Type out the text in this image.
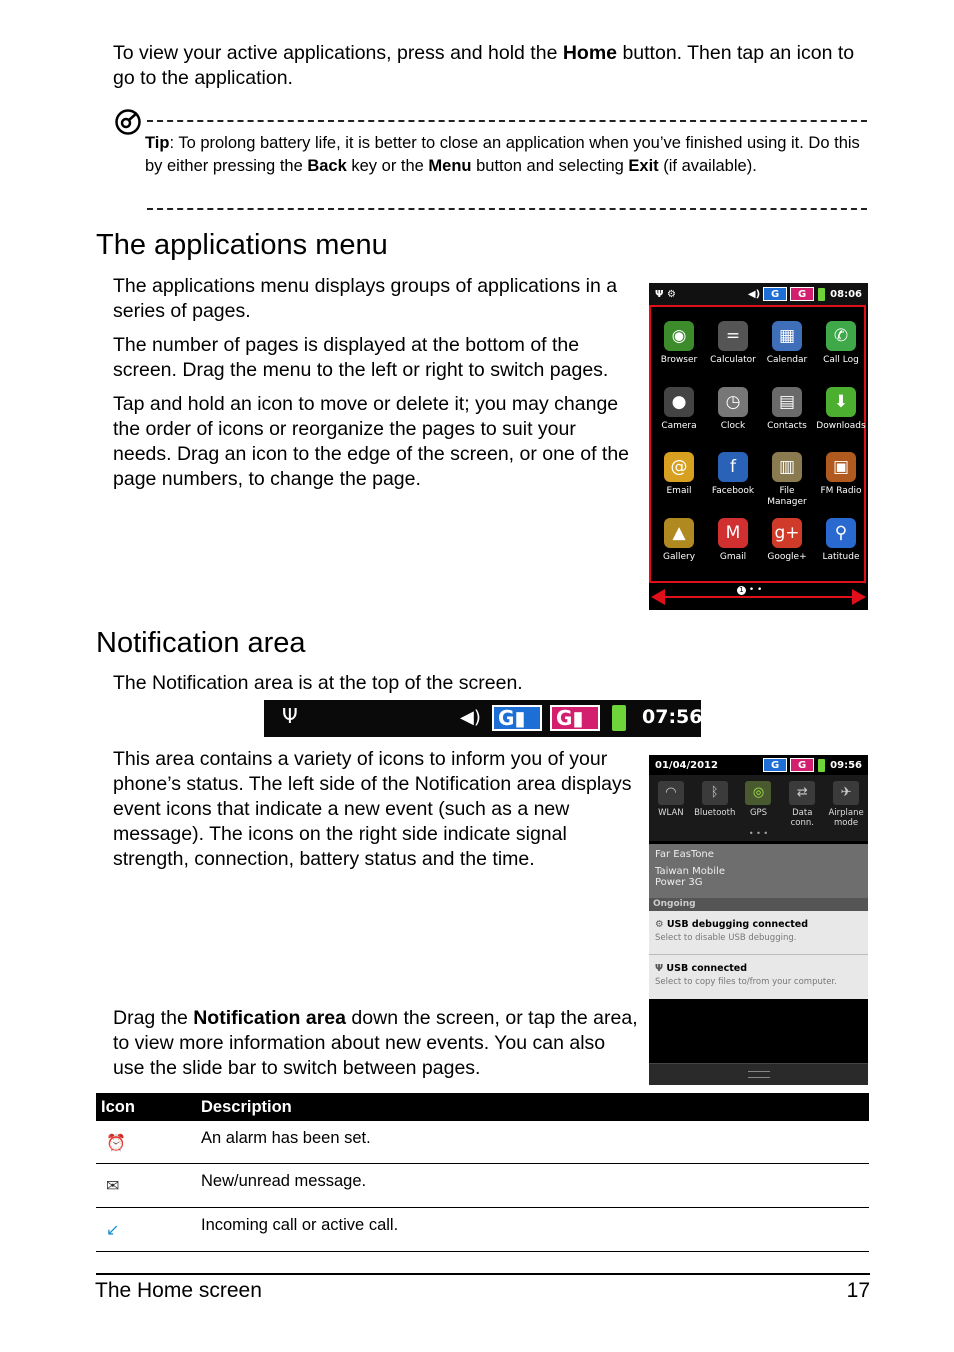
To view your active applications, press and hold the Home button. Then tap an icon to go to the application.
Tip: To prolong battery life, it is better to close an application when you’ve finished using it. Do this by either pressing the Back key or the Menu button and selecting Exit (if available).
The applications menu
The applications menu displays groups of applications in a series of pages.
The number of pages is displayed at the bottom of the screen. Drag the menu to the left or right to switch pages.
Tap and hold an icon to move or delete it; you may change the order of icons or reorganize the pages to suit your needs. Drag an icon to the edge of the screen, or one of the page numbers, to change the page.
Ψ ⚙	◀)	G	G	08:06
◉
Browser
=
Calculator
▦
Calendar
✆
Call Log
●
Camera
◷
Clock
▤
Contacts
⬇
Downloads
@
Email
f
Facebook
▥
File
Manager
▣
FM Radio
▲
Gallery
M
Gmail
g+
Google+
⚲
Latitude
1 • •
Notification area
The Notification area is at the top of the screen.
Ψ	◀) G▮	G▮	07:56
This area contains a variety of icons to inform you of your phone’s status. The left side of the Notification area displays event icons that indicate a new event (such as a new message). The icons on the right side indicate signal strength, connection, battery status and the time.
Drag the Notification area down the screen, or tap the area, to view more information about new events. You can also use the slide bar to switch between pages.
01/04/2012	G	G	09:56
◠
WLAN
ᛒ
Bluetooth
◎
GPS
⇄
Data
conn.
✈
Airplane
mode
• • •
Far EasTone
Taiwan Mobile
Power 3G
Ongoing
⚙ USB debugging connected
Select to disable USB debugging.
Ψ USB connected
Select to copy files to/from your computer.
Icon	Description
⏰	An alarm has been set.
✉	New/unread message.
↙	Incoming call or active call.
The Home screen	17
